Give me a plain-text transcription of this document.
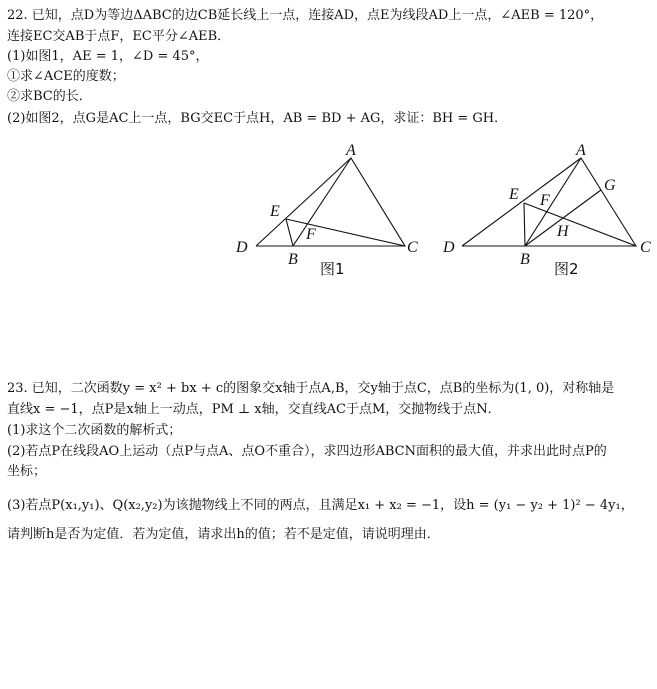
22. 已知，点D为等边ΔABC的边CB延长线上一点，连接AD，点E为线段AD上一点，∠AEB = 120°，
连接EC交AB于点F，EC平分∠AEB．
(1)如图1，AE = 1，∠D = 45°，
①求∠ACE的度数；
②求BC的长．
(2)如图2，点G是AC上一点，BG交EC于点H，AB = BD + AG，求证：BH = GH．
A
E
F
D
B
C
图1
A
G
E F
H
D
B
C
图2
23. 已知，二次函数y = x² + bx + c的图象交x轴于点A,B，交y轴于点C，点B的坐标为(1, 0)，对称轴是
直线x = −1，点P是x轴上一动点，PM ⊥ x轴，交直线AC于点M，交抛物线于点N．
(1)求这个二次函数的解析式；
(2)若点P在线段AO上运动（点P与点A、点O不重合），求四边形ABCN面积的最大值，并求出此时点P的
坐标；
(3)若点P(x₁,y₁)、Q(x₂,y₂)为该抛物线上不同的两点，且满足x₁ + x₂ = −1，设h = (y₁ − y₂ + 1)² − 4y₁，
请判断h是否为定值．若为定值，请求出h的值；若不是定值，请说明理由．
